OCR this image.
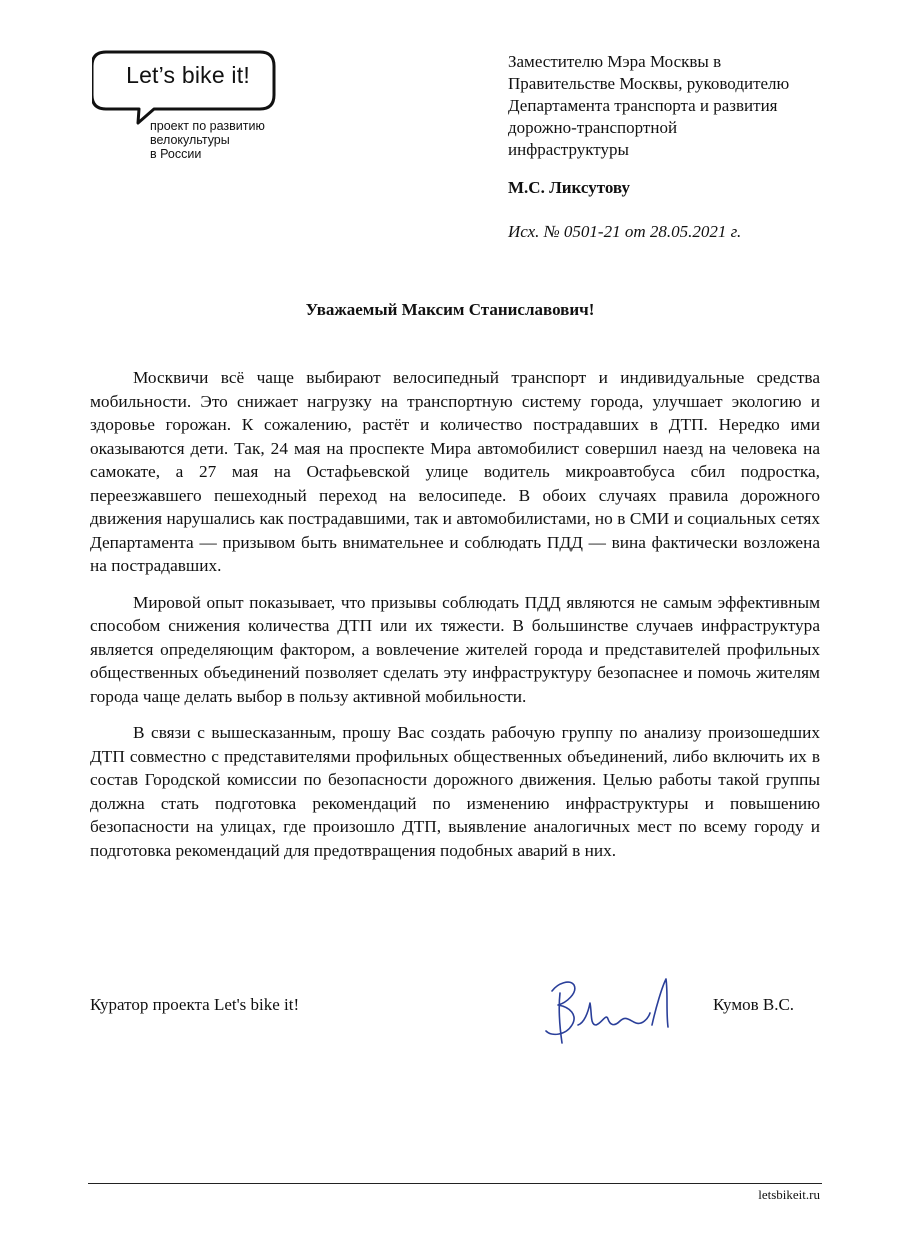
Let’s bike it!
проект по развитию
велокультуры
в России
Заместителю Мэра Москвы в
Правительстве Москвы, руководителю
Департамента транспорта и развития
дорожно-транспортной
инфраструктуры
М.С. Ликсутову
Исх. № 0501-21 от 28.05.2021 г.
Уважаемый Максим Станиславович!

Москвичи всё чаще выбирают велосипедный транспорт и индивидуальные средства мобильности. Это снижает нагрузку на транспортную систему города, улучшает экологию и здоровье горожан. К сожалению, растёт и количество пострадавших в ДТП. Нередко ими оказываются дети. Так, 24 мая на проспекте Мира автомобилист совершил наезд на человека на самокате, а 27 мая на Остафьевской улице водитель микроавтобуса сбил подростка, переезжавшего пешеходный переход на велосипеде. В обоих случаях правила дорожного движения нарушались как пострадавшими, так и автомобилистами, но в СМИ и социальных сетях Департамента — призывом быть внимательнее и соблюдать ПДД — вина фактически возложена на пострадавших.

Мировой опыт показывает, что призывы соблюдать ПДД являются не самым эффективным способом снижения количества ДТП или их тяжести. В большинстве случаев инфраструктура является определяющим фактором, а вовлечение жителей города и представителей профильных общественных объединений позволяет сделать эту инфраструктуру безопаснее и помочь жителям города чаще делать выбор в пользу активной мобильности.

В связи с вышесказанным, прошу Вас создать рабочую группу по анализу произошедших ДТП совместно с представителями профильных общественных объединений, либо включить их в состав Городской комиссии по безопасности дорожного движения. Целью работы такой группы должна стать подготовка рекомендаций по изменению инфраструктуры и повышению безопасности на улицах, где произошло ДТП, выявление аналогичных мест по всему городу и подготовка рекомендаций для предотвращения подобных аварий в них.

Куратор проекта Let's bike it!	Кумов В.С.
letsbikeit.ru
